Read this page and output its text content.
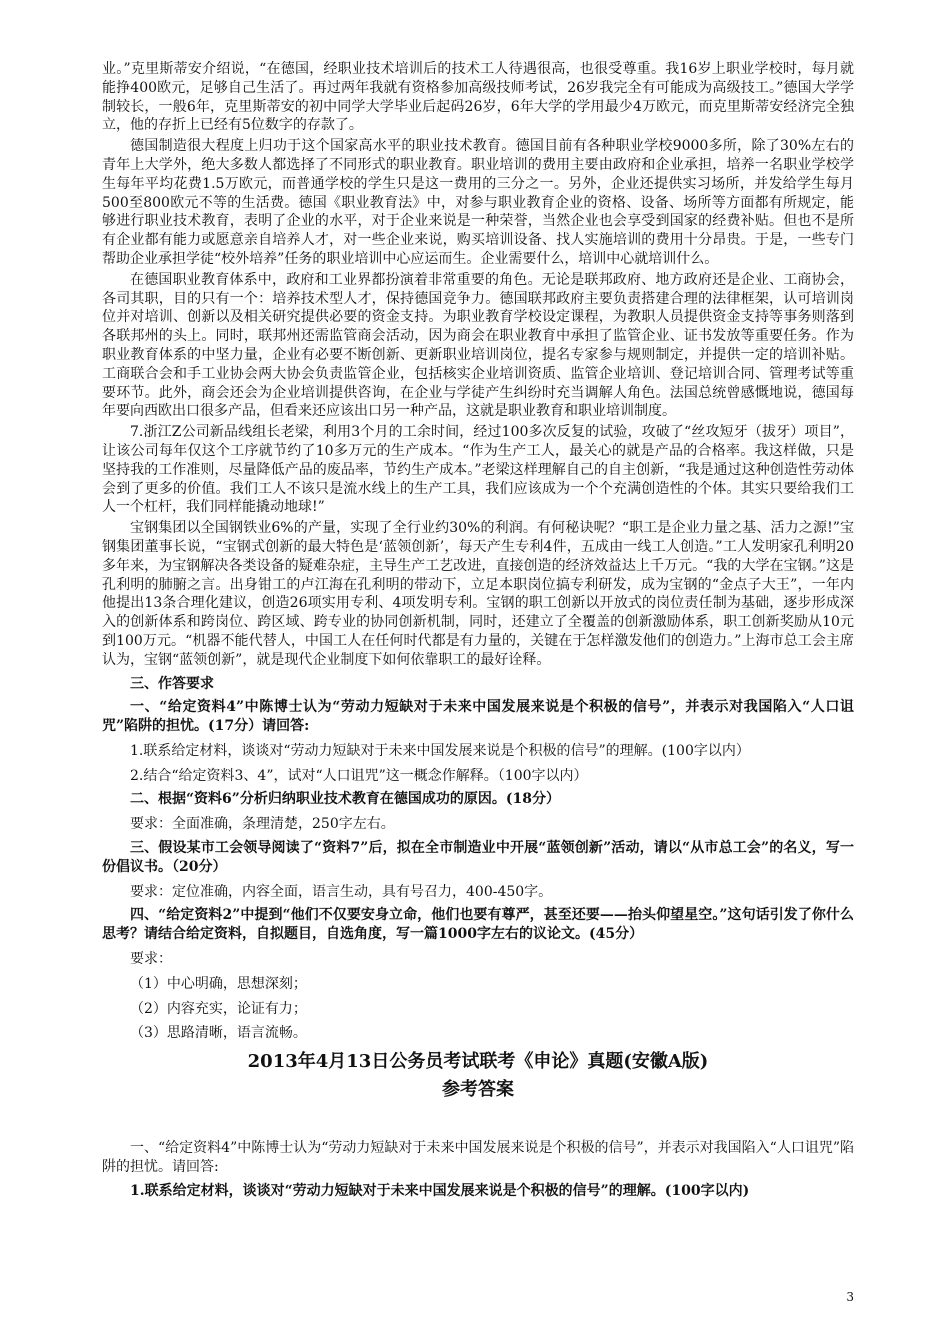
业。”克里斯蒂安介绍说，“在德国，经职业技术培训后的技术工人待遇很高，也很受尊重。我16岁上职业学校时，每月就能挣400欧元，足够自己生活了。再过两年我就有资格参加高级技师考试，26岁我完全有可能成为高级技工。”德国大学学制较长，一般6年，克里斯蒂安的初中同学大学毕业后起码26岁，6年大学的学用最少4万欧元，而克里斯蒂安经济完全独立，他的存折上已经有5位数字的存款了。

德国制造很大程度上归功于这个国家高水平的职业技术教育。德国目前有各种职业学校9000多所，除了30%左右的青年上大学外，绝大多数人都选择了不同形式的职业教育。职业培训的费用主要由政府和企业承担，培养一名职业学校学生每年平均花费1.5万欧元，而普通学校的学生只是这一费用的三分之一。另外，企业还提供实习场所，并发给学生每月500至800欧元不等的生活费。德国《职业教育法》中，对参与职业教育企业的资格、设备、场所等方面都有所规定，能够进行职业技术教育，表明了企业的水平，对于企业来说是一种荣誉，当然企业也会享受到国家的经费补贴。但也不是所有企业都有能力或愿意亲自培养人才，对一些企业来说，购买培训设备、找人实施培训的费用十分昂贵。于是，一些专门帮助企业承担学徒“校外培养”任务的职业培训中心应运而生。企业需要什么，培训中心就培训什么。

在德国职业教育体系中，政府和工业界都扮演着非常重要的角色。无论是联邦政府、地方政府还是企业、工商协会，各司其职，目的只有一个：培养技术型人才，保持德国竞争力。德国联邦政府主要负责搭建合理的法律框架，认可培训岗位并对培训、创新以及相关研究提供必要的资金支持。为职业教育学校设定课程，为教职人员提供资金支持等事务则落到各联邦州的头上。同时，联邦州还需监管商会活动，因为商会在职业教育中承担了监管企业、证书发放等重要任务。作为职业教育体系的中坚力量，企业有必要不断创新、更新职业培训岗位，提名专家参与规则制定，并提供一定的培训补贴。工商联合会和手工业协会两大协会负责监管企业，包括核实企业培训资质、监管企业培训、登记培训合同、管理考试等重要环节。此外，商会还会为企业培训提供咨询，在企业与学徒产生纠纷时充当调解人角色。法国总统曾感慨地说，德国每年要向西欧出口很多产品，但看来还应该出口另一种产品，这就是职业教育和职业培训制度。

7.浙江Z公司新品线组长老梁，利用3个月的工余时间，经过100多次反复的试验，攻破了“丝攻短牙（拔牙）项目”，让该公司每年仅这个工序就节约了10多万元的生产成本。“作为生产工人，最关心的就是产品的合格率。我这样做，只是坚持我的工作准则，尽量降低产品的废品率，节约生产成本。”老梁这样理解自己的自主创新，“我是通过这种创造性劳动体会到了更多的价值。我们工人不该只是流水线上的生产工具，我们应该成为一个个充满创造性的个体。其实只要给我们工人一个杠杆，我们同样能撬动地球!”

宝钢集团以全国钢铁业6%的产量，实现了全行业约30%的利润。有何秘诀呢？“职工是企业力量之基、活力之源!”宝钢集团董事长说，“宝钢式创新的最大特色是‘蓝领创新’，每天产生专利4件，五成由一线工人创造。”工人发明家孔利明20多年来，为宝钢解决各类设备的疑难杂症，主导生产工艺改进，直接创造的经济效益达上千万元。“我的大学在宝钢。”这是孔利明的肺腑之言。出身钳工的卢江海在孔利明的带动下，立足本职岗位搞专利研发，成为宝钢的“金点子大王”，一年内他提出13条合理化建议，创造26项实用专利、4项发明专利。宝钢的职工创新以开放式的岗位责任制为基础，逐步形成深入的创新体系和跨岗位、跨区域、跨专业的协同创新机制，同时，还建立了全覆盖的创新激励体系，职工创新奖励从10元到100万元。“机器不能代替人，中国工人在任何时代都是有力量的，关键在于怎样激发他们的创造力。”上海市总工会主席认为，宝钢“蓝领创新”，就是现代企业制度下如何依靠职工的最好诠释。

三、作答要求

一、“给定资料4”中陈博士认为“劳动力短缺对于未来中国发展来说是个积极的信号”，并表示对我国陷入“人口诅咒”陷阱的担忧。(17分）请回答:

1.联系给定材料，谈谈对“劳动力短缺对于未来中国发展来说是个积极的信号”的理解。(100字以内）

2.结合“给定资料3、4”，试对“人口诅咒”这一概念作解释。（100字以内）

二、根据“资料6”分析归纳职业技术教育在德国成功的原因。(18分）

要求：全面准确，条理清楚，250字左右。

三、假设某市工会领导阅读了“资料7”后，拟在全市制造业中开展“蓝领创新”活动，请以“从市总工会”的名义，写一份倡议书。（20分）

要求：定位准确，内容全面，语言生动，具有号召力，400-450字。

四、“给定资料2”中提到“他们不仅要安身立命，他们也要有尊严，甚至还要——抬头仰望星空。”这句话引发了你什么思考？请结合给定资料，自拟题目，自选角度，写一篇1000字左右的议论文。(45分）

要求：

（1）中心明确，思想深刻；

（2）内容充实，论证有力；

（3）思路清晰，语言流畅。

2013年4月13日公务员考试联考《申论》真题(安徽A版)

参考答案

一、“给定资料4”中陈博士认为“劳动力短缺对于未来中国发展来说是个积极的信号”，并表示对我国陷入“人口诅咒”陷阱的担忧。请回答:

1.联系给定材料，谈谈对“劳动力短缺对于未来中国发展来说是个积极的信号”的理解。(100字以内)

3
